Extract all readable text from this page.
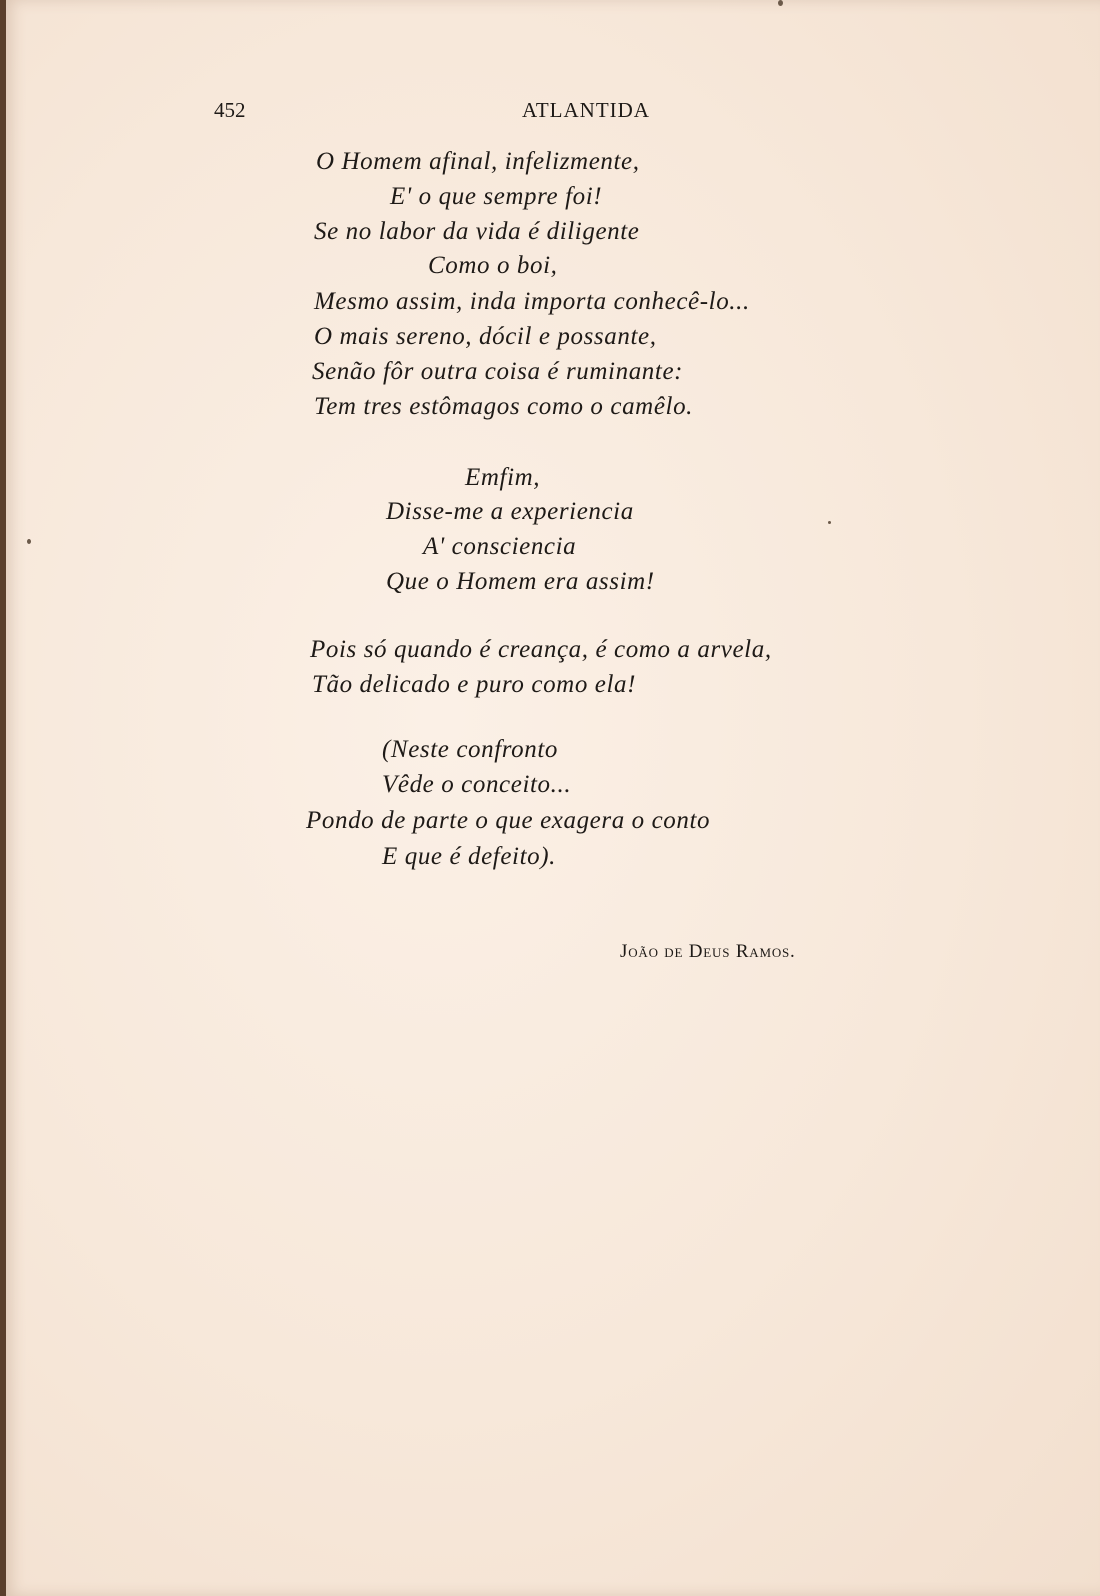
452	ATLANTIDA
O Homem afinal, infelizmente,
E' o que sempre foi!
Se no labor da vida é diligente
Como o boi,
Mesmo assim, inda importa conhecê-lo...
O mais sereno, dócil e possante,
Senão fôr outra coisa é ruminante:
Tem tres estômagos como o camêlo.
Emfim,
Disse-me a experiencia
A' consciencia
Que o Homem era assim!
Pois só quando é creança, é como a arvela,
Tão delicado e puro como ela!
(Neste confronto
Vêde o conceito...
Pondo de parte o que exagera o conto
E que é defeito).
João de Deus Ramos.
